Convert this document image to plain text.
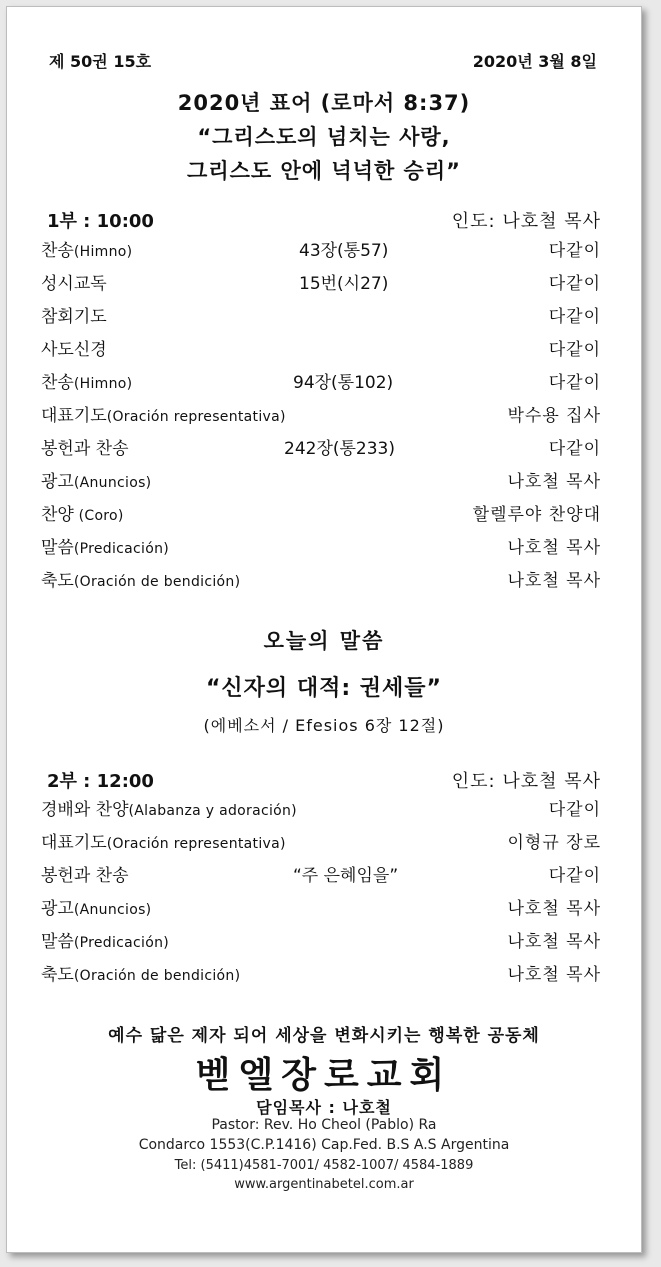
제 50권 15호	2020년 3월 8일
2020년 표어 (로마서 8:37)
“그리스도의 넘치는 사랑,
그리스도 안에 넉넉한 승리”
1부 : 10:00	인도: 나호철 목사
찬송(Himno)	43장(통57)	다같이
성시교독	15번(시27)	다같이
참회기도	다같이
사도신경	다같이
찬송(Himno)	94장(통102)	다같이
대표기도(Oración representativa)	박수용 집사
봉헌과 찬송	242장(통233)	다같이
광고(Anuncios)	나호철 목사
찬양 (Coro)	할렐루야 찬양대
말씀(Predicación)	나호철 목사
축도(Oración de bendición)	나호철 목사
오늘의 말씀
“신자의 대적: 권세들”
(에베소서 / Efesios 6장 12절)
2부 : 12:00	인도: 나호철 목사
경배와 찬양(Alabanza y adoración)	다같이
대표기도(Oración representativa)	이형규 장로
봉헌과 찬송	“주 은혜임을”	다같이
광고(Anuncios)	나호철 목사
말씀(Predicación)	나호철 목사
축도(Oración de bendición)	나호철 목사
예수 닮은 제자 되어 세상을 변화시키는 행복한 공동체
벧엘장로교회
담임목사 : 나호철
Pastor: Rev. Ho Cheol (Pablo) Ra
Condarco 1553(C.P.1416) Cap.Fed. B.S A.S Argentina
Tel: (5411)4581-7001/ 4582-1007/ 4584-1889
www.argentinabetel.com.ar
